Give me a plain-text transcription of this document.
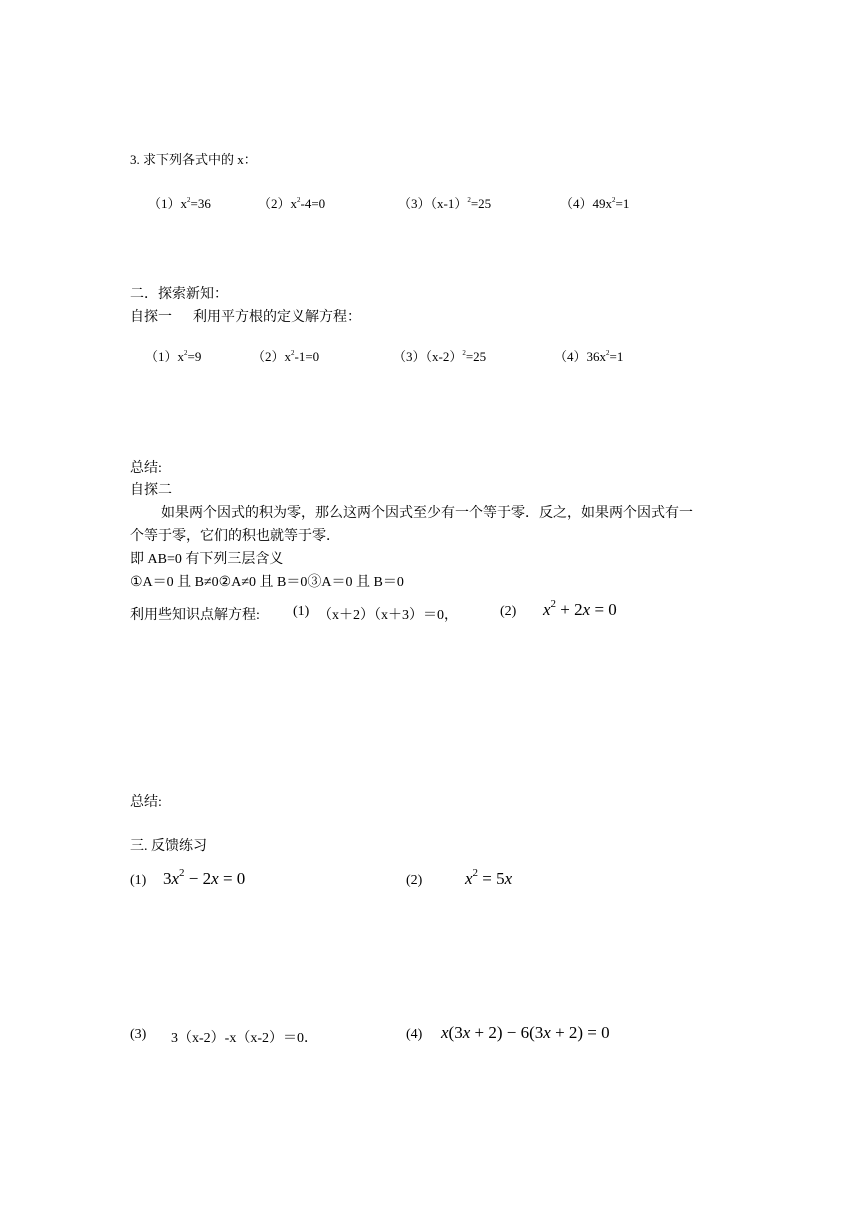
3. 求下列各式中的 x：
$(1)x^2=36$	$(2)x^2-4=0$	$(3)(x-1)^2=25$	$(4)49x^2=1$
二．探索新知：
自探一      利用平方根的定义解方程：
$(1)x^2=9$	$(2)x^2-1=0$	$(3)(x-2)^2=25$	$(4)36x^2=1$
总结:
自探二
如果两个因式的积为零，那么这两个因式至少有一个等于零．反之，如果两个因式有一
个等于零，它们的积也就等于零．
即 AB=0 有下列三层含义
①A＝0 且 B≠0②A≠0 且 B＝0③A＝0 且 B＝0
利用些知识点解方程: (1) （x＋2）（x＋3）＝0，	(2) $x^2 + 2x = 0$
总结:
三. 反馈练习
(1) $3x^2 - 2x = 0$	(2)	$x^2 = 5x$
(3) 3（x-2）-x（x-2）＝0．	(4) x(3x + 2) − 6(3x + 2) = 0
